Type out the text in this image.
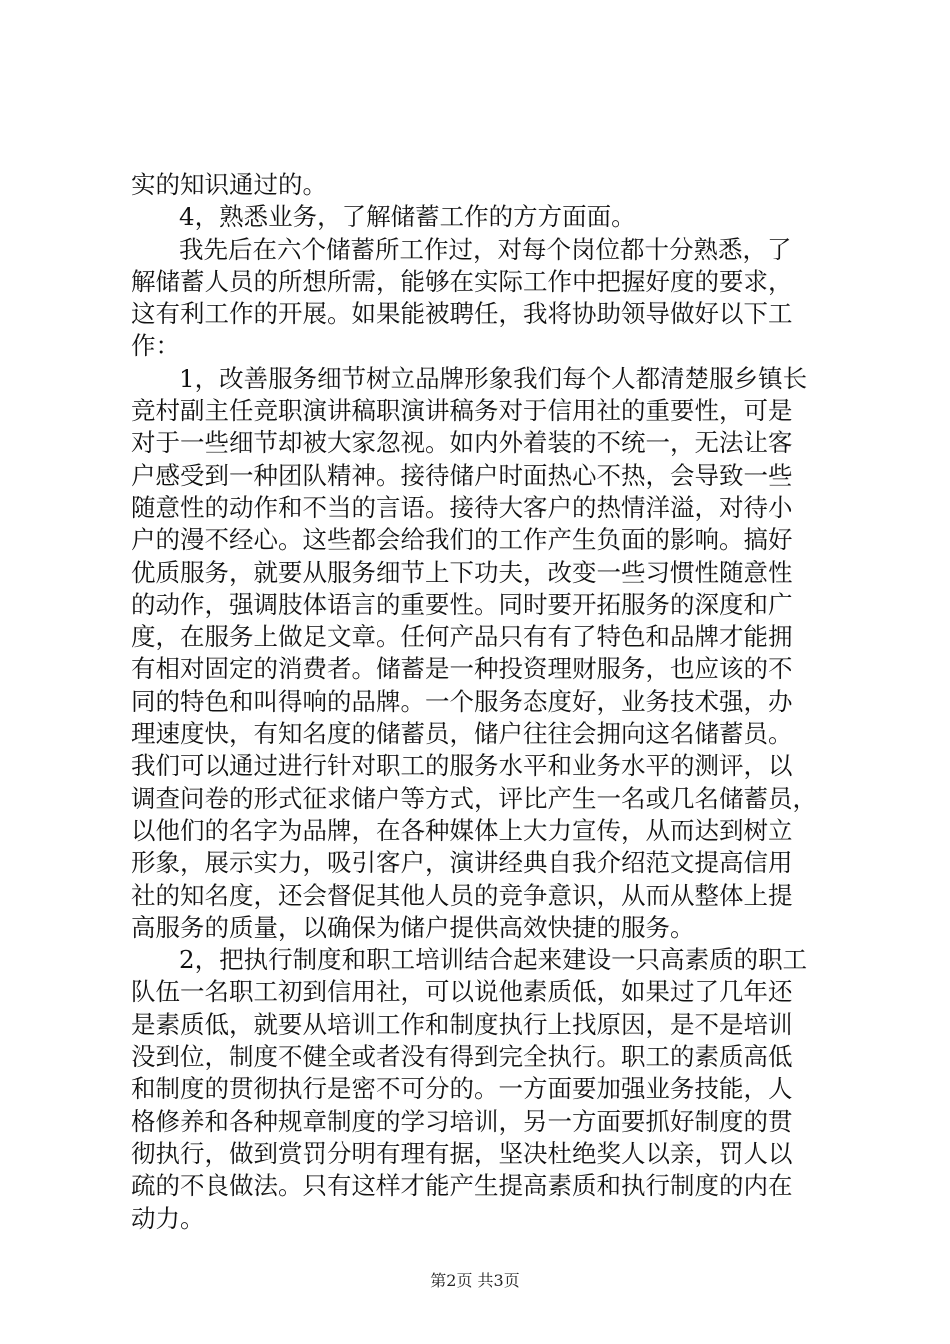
实的知识通过的。
4，熟悉业务，了解储蓄工作的方方面面。
我先后在六个储蓄所工作过，对每个岗位都十分熟悉，了
解储蓄人员的所想所需，能够在实际工作中把握好度的要求，
这有利工作的开展。如果能被聘任，我将协助领导做好以下工
作：
1，改善服务细节树立品牌形象我们每个人都清楚服乡镇长
竞村副主任竞职演讲稿职演讲稿务对于信用社的重要性，可是
对于一些细节却被大家忽视。如内外着装的不统一，无法让客
户感受到一种团队精神。接待储户时面热心不热，会导致一些
随意性的动作和不当的言语。接待大客户的热情洋溢，对待小
户的漫不经心。这些都会给我们的工作产生负面的影响。搞好
优质服务，就要从服务细节上下功夫，改变一些习惯性随意性
的动作，强调肢体语言的重要性。同时要开拓服务的深度和广
度，在服务上做足文章。任何产品只有有了特色和品牌才能拥
有相对固定的消费者。储蓄是一种投资理财服务，也应该的不
同的特色和叫得响的品牌。一个服务态度好，业务技术强，办
理速度快，有知名度的储蓄员，储户往往会拥向这名储蓄员。
我们可以通过进行针对职工的服务水平和业务水平的测评，以
调查问卷的形式征求储户等方式，评比产生一名或几名储蓄员，
以他们的名字为品牌，在各种媒体上大力宣传，从而达到树立
形象，展示实力，吸引客户，演讲经典自我介绍范文提高信用
社的知名度，还会督促其他人员的竞争意识，从而从整体上提
高服务的质量，以确保为储户提供高效快捷的服务。
2，把执行制度和职工培训结合起来建设一只高素质的职工
队伍一名职工初到信用社，可以说他素质低，如果过了几年还
是素质低，就要从培训工作和制度执行上找原因，是不是培训
没到位，制度不健全或者没有得到完全执行。职工的素质高低
和制度的贯彻执行是密不可分的。一方面要加强业务技能，人
格修养和各种规章制度的学习培训，另一方面要抓好制度的贯
彻执行，做到赏罚分明有理有据，坚决杜绝奖人以亲，罚人以
疏的不良做法。只有这样才能产生提高素质和执行制度的内在
动力。
第2页 共3页
